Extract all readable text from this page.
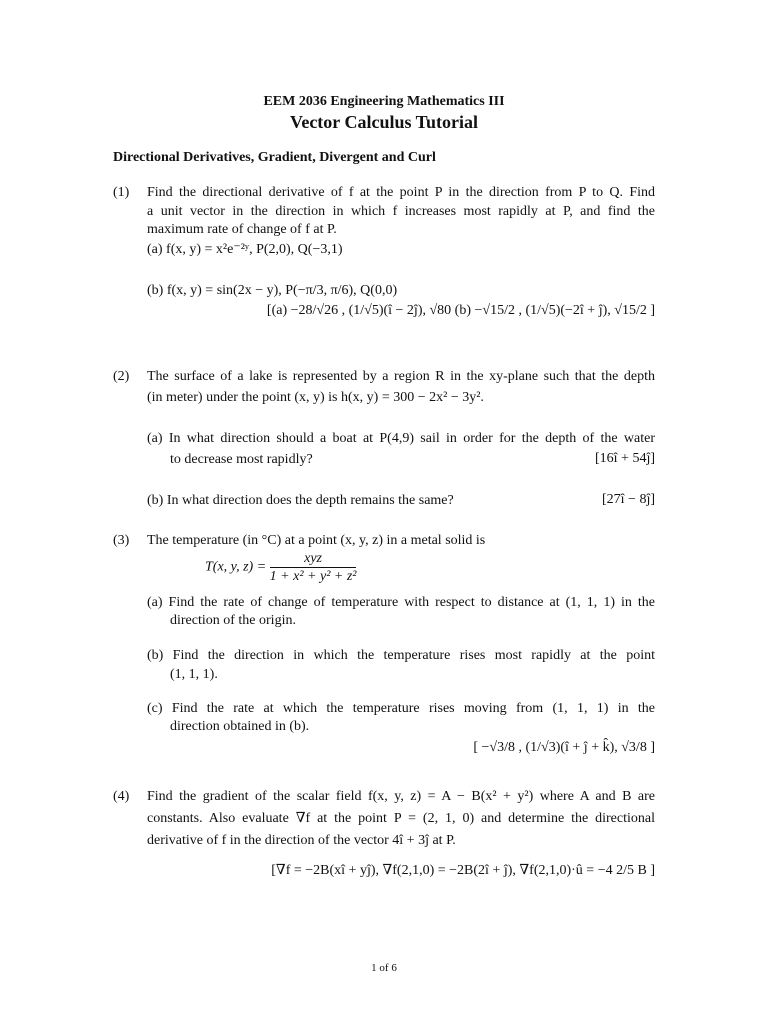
EEM 2036 Engineering Mathematics III
Vector Calculus Tutorial
Directional Derivatives, Gradient, Divergent and Curl
(1) Find the directional derivative of f at the point P in the direction from P to Q. Find
a unit vector in the direction in which f increases most rapidly at P, and find the
maximum rate of change of f at P.
(a) f(x, y) = x²e⁻²ʸ, P(2,0), Q(−3,1)
(b) f(x, y) = sin(2x − y), P(−π/3, π/6), Q(0,0)
[(a) −28/√26 , (1/√5)(î − 2ĵ), √80 (b) −√15/2 , (1/√5)(−2î + ĵ), √15/2 ]
(2) The surface of a lake is represented by a region R in the xy-plane such that the depth
(in meter) under the point (x, y) is h(x, y) = 300 − 2x² − 3y².
(a) In what direction should a boat at P(4,9) sail in order for the depth of the water
to decrease most rapidly?	[16î + 54ĵ]
(b) In what direction does the depth remains the same?	[27î − 8ĵ]
(3) The temperature (in °C) at a point (x, y, z) in a metal solid is
T(x, y, z) =
xyz
1 + x² + y² + z²
(a) Find the rate of change of temperature with respect to distance at (1, 1, 1) in the
direction of the origin.
(b) Find the direction in which the temperature rises most rapidly at the point
(1, 1, 1).
(c) Find the rate at which the temperature rises moving from (1, 1, 1) in the
direction obtained in (b).
[ −√3/8 , (1/√3)(î + ĵ + k̂), √3/8 ]
(4) Find the gradient of the scalar field f(x, y, z) = A − B(x² + y²) where A and B are
constants. Also evaluate ∇f at the point P = (2, 1, 0) and determine the directional
derivative of f in the direction of the vector 4î + 3ĵ at P.
[∇f = −2B(xî + yĵ), ∇f(2,1,0) = −2B(2î + ĵ), ∇f(2,1,0)·û = −4 2/5 B ]
1 of 6
